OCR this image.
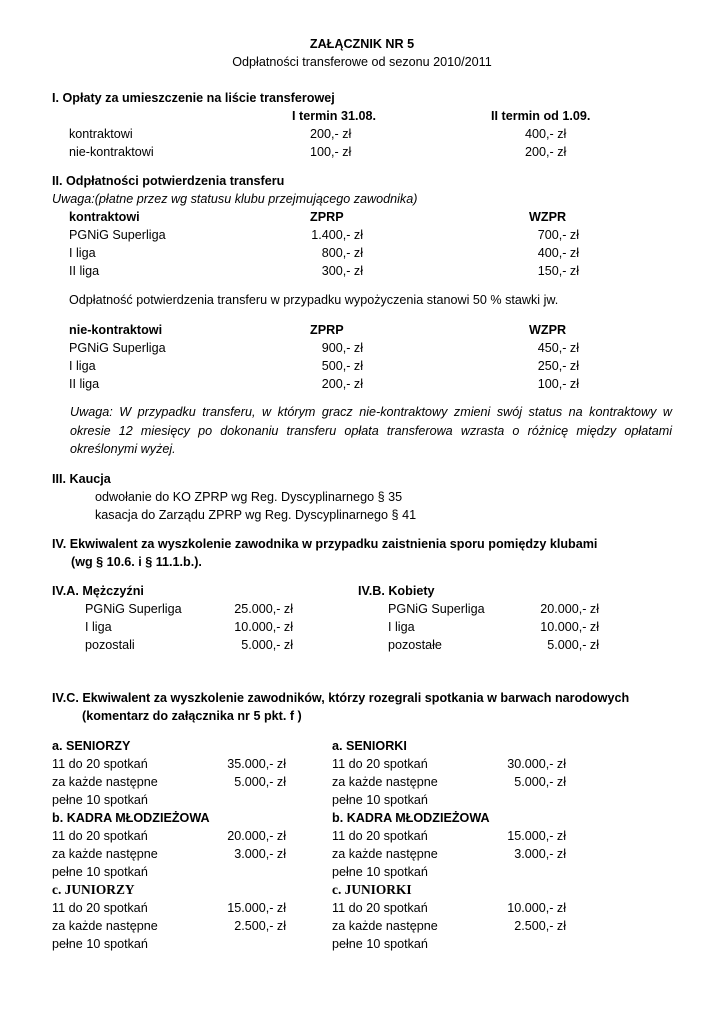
ZAŁĄCZNIK NR 5
Odpłatności transferowe od sezonu 2010/2011
I. Opłaty za umieszczenie na liście transferowej
I termin 31.08.	II termin od 1.09.
kontraktowi	200,- zł	400,- zł
nie-kontraktowi	100,- zł	200,- zł
II. Odpłatności potwierdzenia transferu
Uwaga:(płatne przez wg statusu klubu przejmującego zawodnika)
kontraktowi	ZPRP	WZPR
PGNiG Superliga	1.400,- zł	700,- zł
I liga	800,- zł	400,- zł
II liga	300,- zł	150,- zł
Odpłatność potwierdzenia transferu w przypadku wypożyczenia stanowi 50 % stawki jw.
nie-kontraktowi	ZPRP	WZPR
PGNiG Superliga	900,- zł	450,- zł
I liga	500,- zł	250,- zł
II liga	200,- zł	100,- zł
Uwaga: W przypadku transferu, w którym gracz nie-kontraktowy zmieni swój status na kontraktowy w okresie 12 miesięcy po dokonaniu transferu opłata transferowa wzrasta o różnicę między opłatami określonymi wyżej.
III. Kaucja
odwołanie do KO ZPRP wg Reg. Dyscyplinarnego § 35
kasacja do Zarządu ZPRP wg Reg. Dyscyplinarnego § 41
IV. Ekwiwalent za wyszkolenie zawodnika w przypadku zaistnienia sporu pomiędzy klubami
(wg § 10.6. i § 11.1.b.).
IV.A. Mężczyźni
PGNiG Superliga	25.000,- zł
I liga	10.000,- zł
pozostali	5.000,- zł
IV.B. Kobiety
PGNiG Superliga	20.000,- zł
I liga	10.000,- zł
pozostałe	5.000,- zł
IV.C. Ekwiwalent za wyszkolenie zawodników, którzy rozegrali spotkania w barwach narodowych
(komentarz do załącznika nr 5 pkt. f )
a. SENIORZY
11 do 20 spotkań	35.000,- zł
za każde następne	5.000,- zł
pełne 10 spotkań
b. KADRA MŁODZIEŻOWA
11 do 20 spotkań	20.000,- zł
za każde następne	3.000,- zł
pełne 10 spotkań
c. JUNIORZY
11 do 20 spotkań	15.000,- zł
za każde następne	2.500,- zł
pełne 10 spotkań
a. SENIORKI
11 do 20 spotkań	30.000,- zł
za każde następne	5.000,- zł
pełne 10 spotkań
b. KADRA MŁODZIEŻOWA
11 do 20 spotkań	15.000,- zł
za każde następne	3.000,- zł
pełne 10 spotkań
c. JUNIORKI
11 do 20 spotkań	10.000,- zł
za każde następne	2.500,- zł
pełne 10 spotkań
